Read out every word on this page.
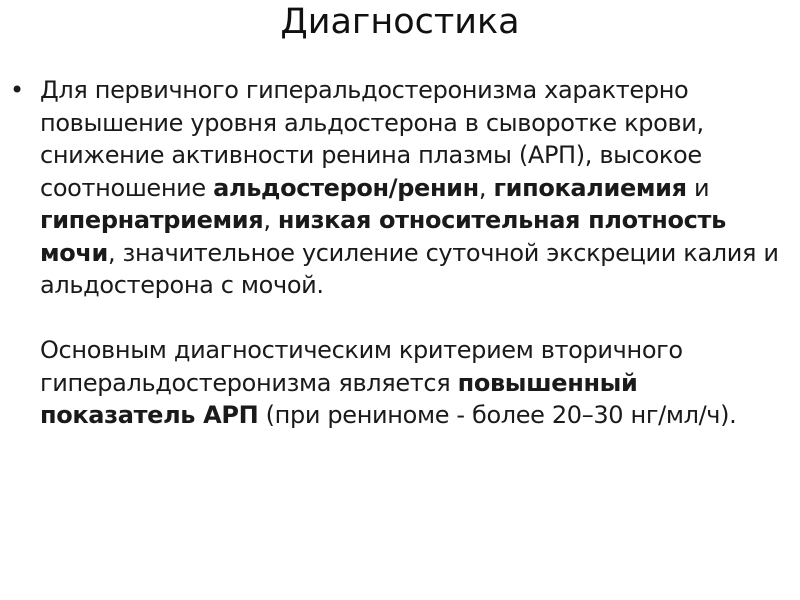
Диагностика
• Для первичного гиперальдостеронизма характерно повышение уровня альдостерона в сыворотке крови, снижение активности ренина плазмы (АРП), высокое соотношение альдостерон/ренин, гипокалиемия и гипернатриемия, низкая относительная плотность мочи, значительное усиление суточной экскреции калия и альдостерона с мочой.

Основным диагностическим критерием вторичного гиперальдостеронизма является повышенный показатель АРП (при рениноме - более 20–30 нг/мл/ч).
